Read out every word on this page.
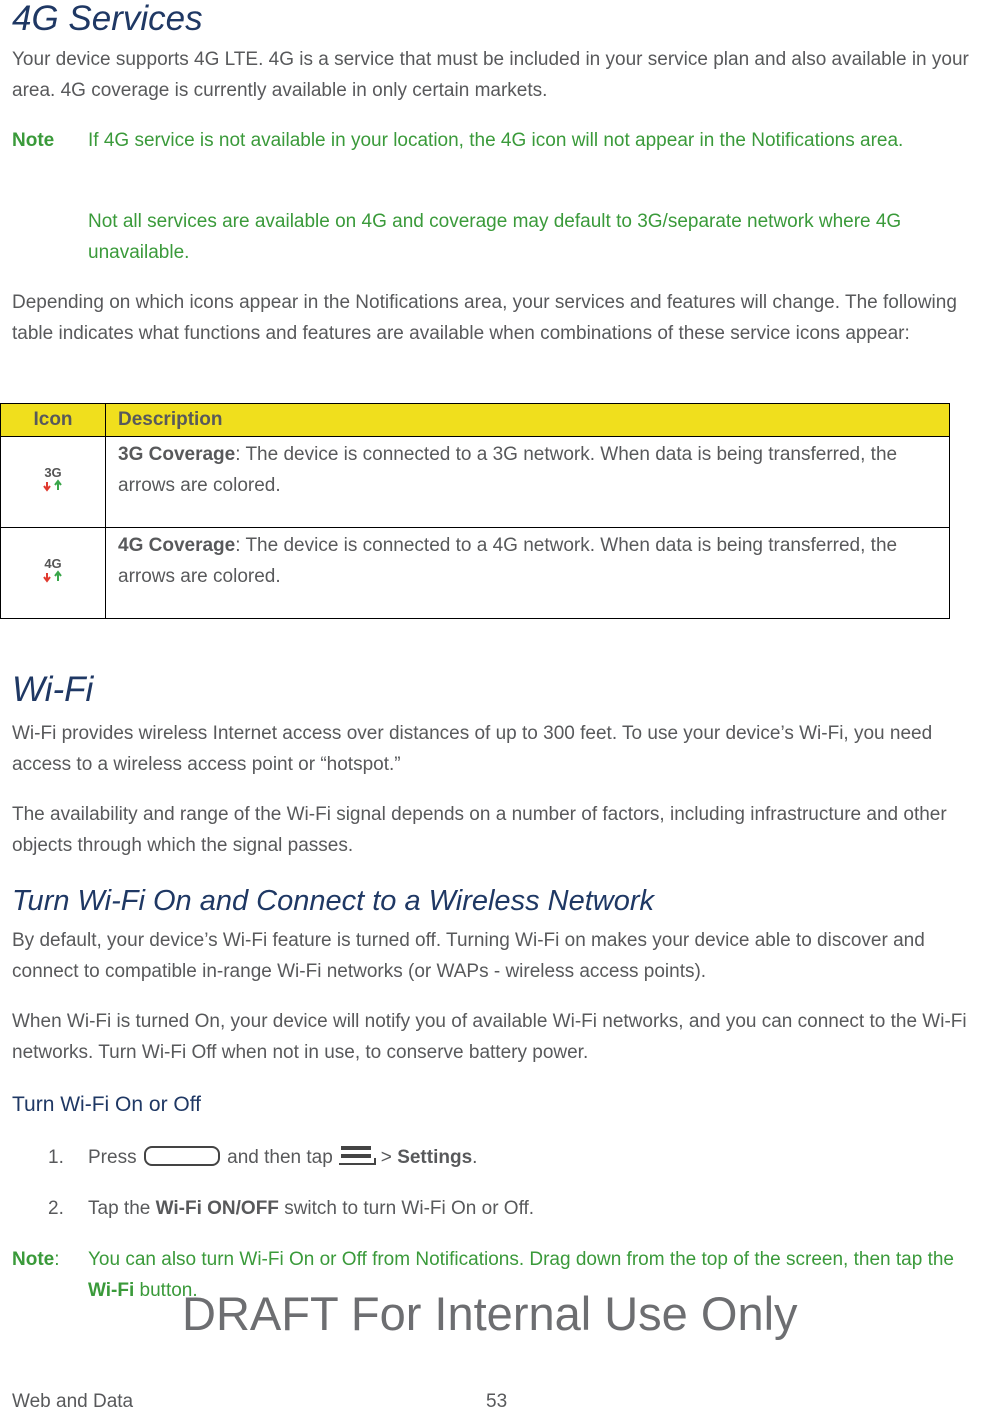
4G Services

Your device supports 4G LTE. 4G is a service that must be included in your service plan and also available in your area. 4G coverage is currently available in only certain markets.

Note If 4G service is not available in your location, the 4G icon will not appear in the Notifications area.

Not all services are available on 4G and coverage may default to 3G/separate network where 4G unavailable.

Depending on which icons appear in the Notifications area, your services and features will change. The following table indicates what functions and features are available when combinations of these service icons appear:

Icon	Description

3G	3G Coverage: The device is connected to a 3G network. When data is being transferred, the arrows are colored.

4G	4G Coverage: The device is connected to a 4G network. When data is being transferred, the arrows are colored.
Wi-Fi

Wi-Fi provides wireless Internet access over distances of up to 300 feet. To use your device’s Wi-Fi, you need access to a wireless access point or “hotspot.”

The availability and range of the Wi-Fi signal depends on a number of factors, including infrastructure and other objects through which the signal passes.

Turn Wi-Fi On and Connect to a Wireless Network

By default, your device’s Wi-Fi feature is turned off. Turning Wi-Fi on makes your device able to discover and connect to compatible in-range Wi-Fi networks (or WAPs - wireless access points).

When Wi-Fi is turned On, your device will notify you of available Wi-Fi networks, and you can connect to the Wi-Fi networks. Turn Wi-Fi Off when not in use, to conserve battery power.

Turn Wi-Fi On or Off
1. Press	and then tap	> Settings.
2. Tap the Wi-Fi ON/OFF switch to turn Wi-Fi On or Off.
Note: You can also turn Wi-Fi On or Off from Notifications. Drag down from the top of the screen, then tap the Wi-Fi button.

DRAFT For Internal Use Only
Web and Data	53
